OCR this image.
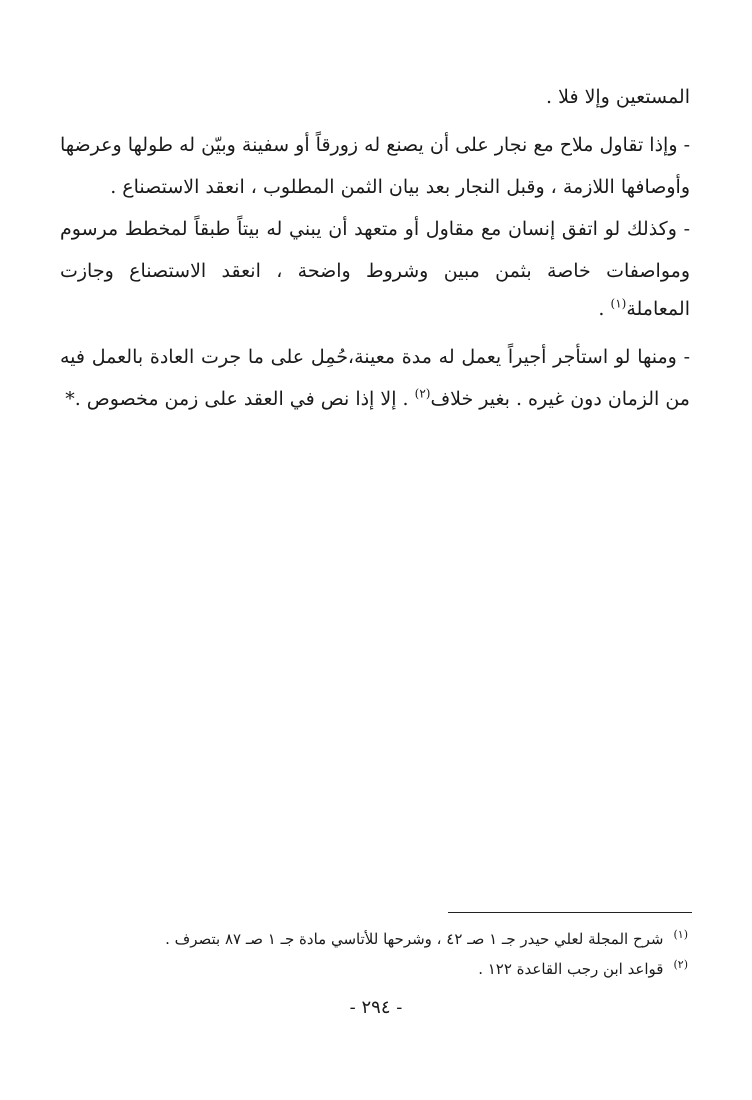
المستعين وإلا فلا .
- وإذا تقاول ملاح مع نجار على أن يصنع له زورقاً أو سفينة وبيّن له طولها وعرضها
وأوصافها اللازمة ، وقبل النجار بعد بيان الثمن المطلوب ، انعقد الاستصناع .
- وكذلك لو اتفق إنسان مع مقاول أو متعهد أن يبني له بيتاً طبقاً لمخطط مرسوم
ومواصفات خاصة بثمن مبين وشروط واضحة ، انعقد الاستصناع وجازت
المعاملة$^{(١)}$ .
- ومنها لو استأجر أجيراً يعمل له مدة معينة،حُمِل على ما جرت العادة بالعمل فيه
من الزمان دون غيره . بغير خلاف$^{(٢)}$ . إلا إذا نص في العقد على زمن مخصوص .*
$^{(١)}$شرح المجلة لعلي حيدر جـ ١ صـ ٤٢ ، وشرحها للأتاسي مادة جـ ١ صـ ٨٧ بتصرف .
$^{(٢)}$قواعد ابن رجب القاعدة ١٢٢ .
- ٢٩٤ -
